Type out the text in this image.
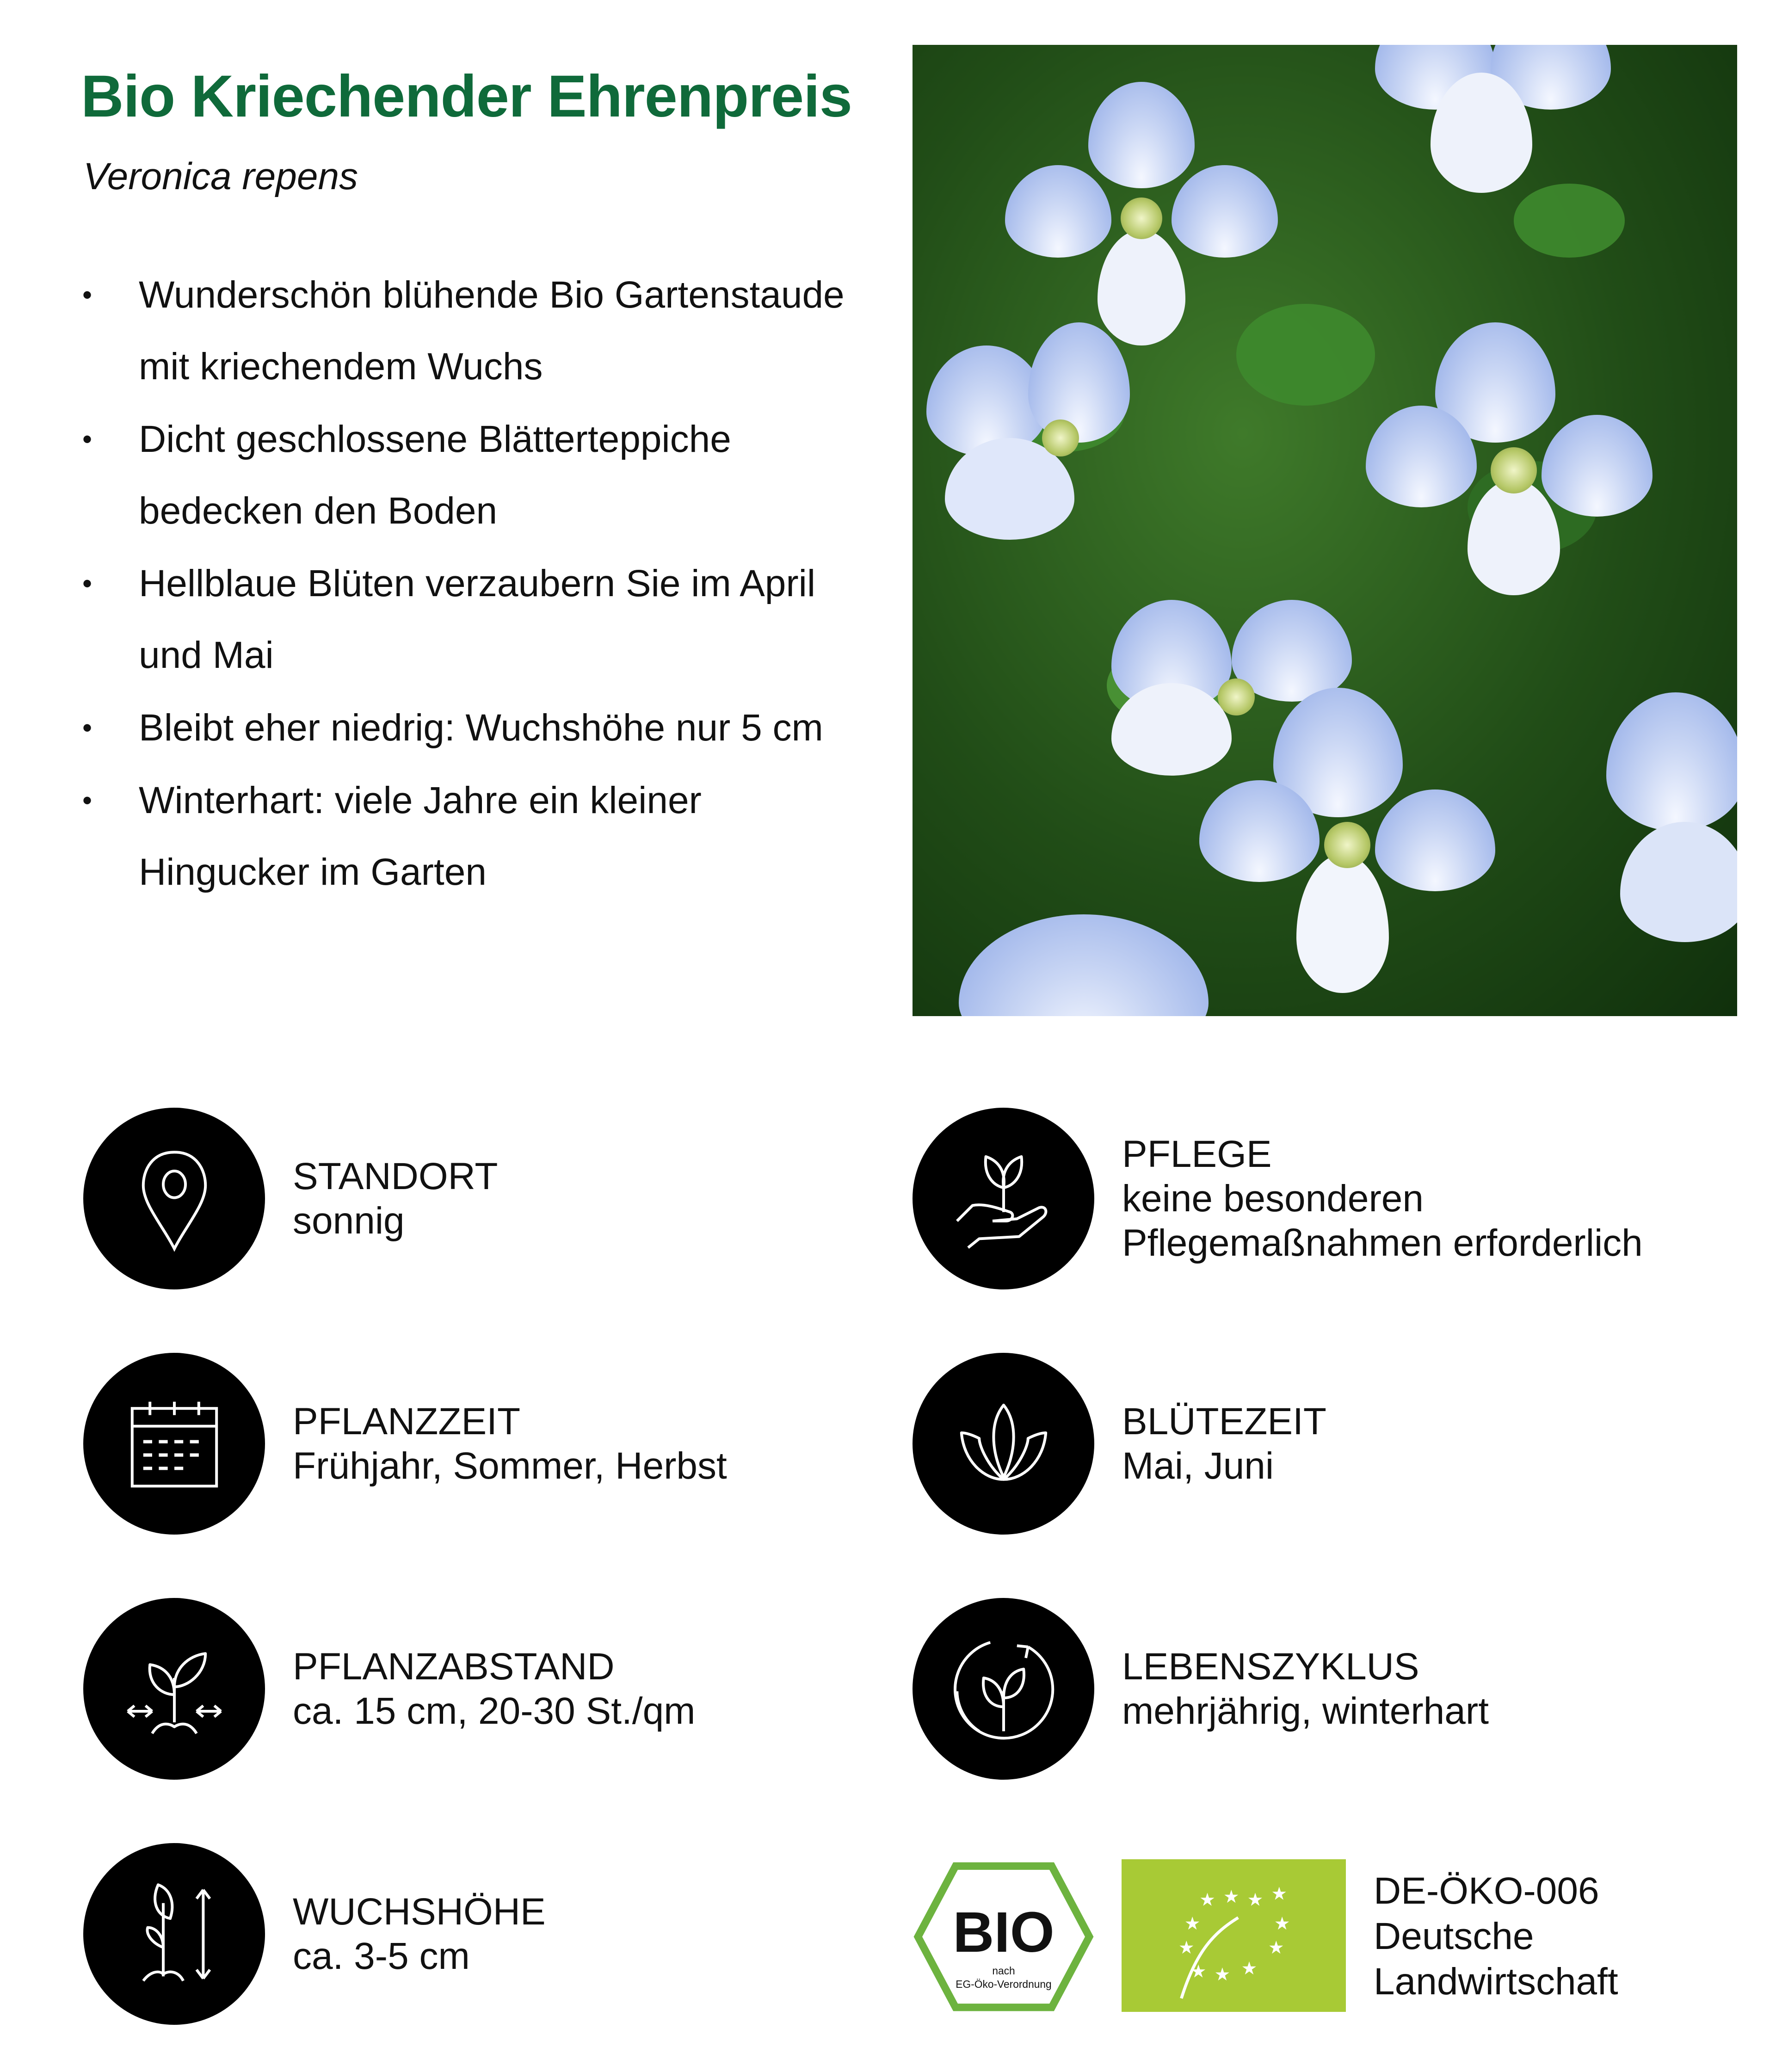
Bio Kriechender Ehrenpreis
Veronica repens
• Wunderschön blühende Bio Gartenstaude
mit kriechendem Wuchs
• Dicht geschlossene Blätterteppiche
bedecken den Boden
• Hellblaue Blüten verzaubern Sie im April
und Mai
• Bleibt eher niedrig: Wuchshöhe nur 5 cm
• Winterhart: viele Jahre ein kleiner
Hingucker im Garten
STANDORT
sonnig
PFLEGE
keine besonderen
Pflegemaßnahmen erforderlich
PFLANZZEIT
Frühjahr, Sommer, Herbst
BLÜTEZEIT
Mai, Juni
PFLANZABSTAND
ca. 15 cm, 20-30 St./qm
LEBENSZYKLUS
mehrjährig, winterhart
WUCHSHÖHE
ca. 3-5 cm	BIO
nach
EG-Öko-Verordnung
★ ★ ★ ★
★	★
★	★
★ ★ ★
DE-ÖKO-006
Deutsche
Landwirtschaft
